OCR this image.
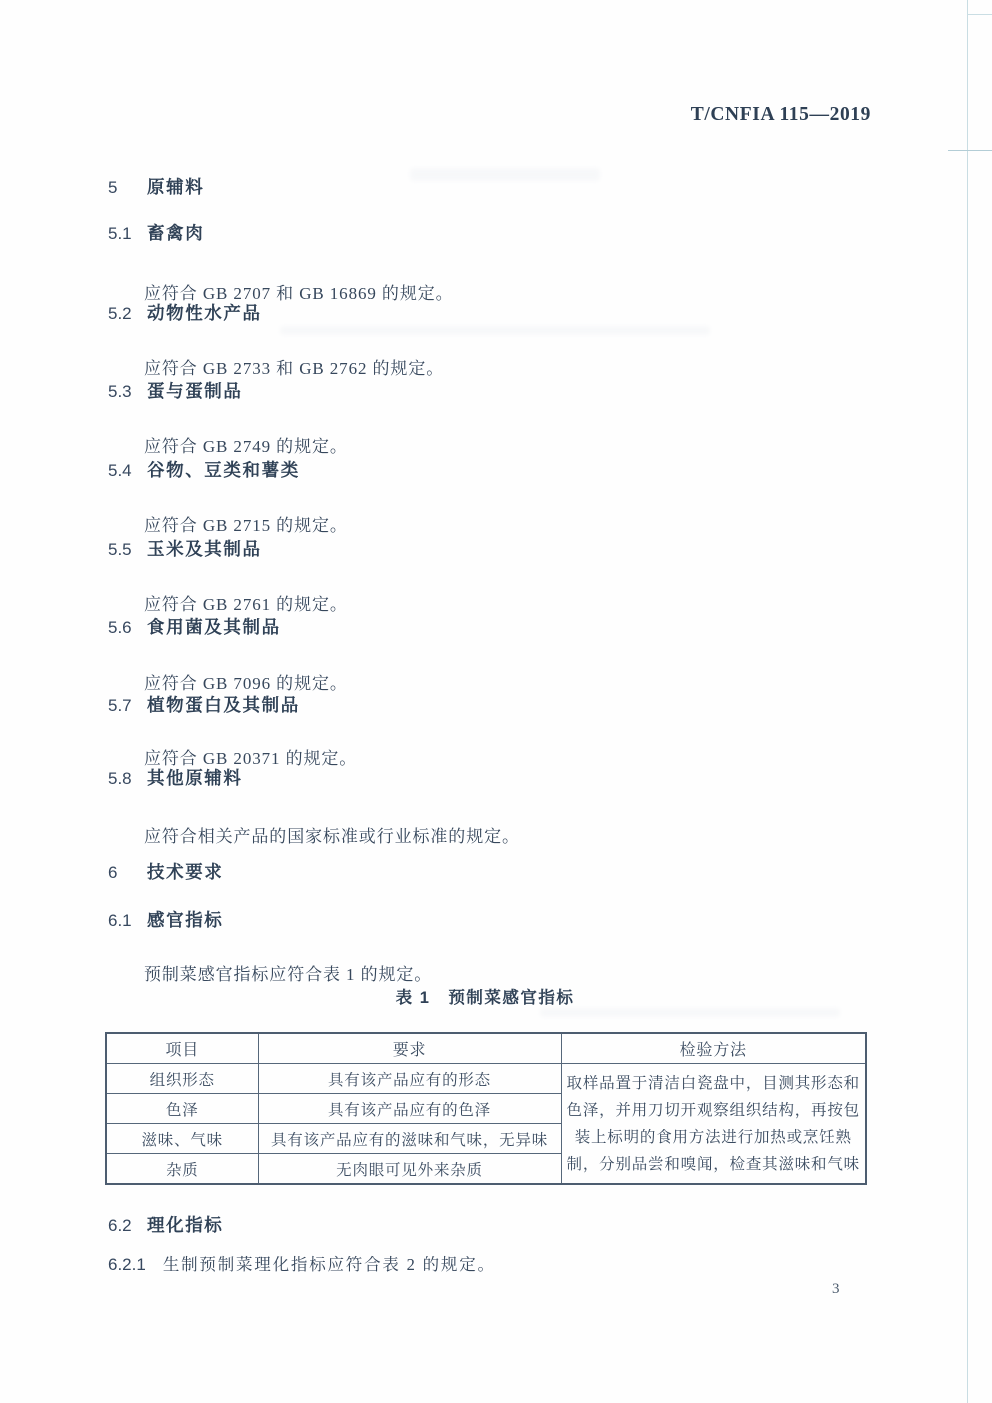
T/CNFIA 115—2019
5 原辅料
5.1 畜禽肉

应符合 GB 2707 和 GB 16869 的规定。

5.2 动物性水产品

应符合 GB 2733 和 GB 2762 的规定。

5.3 蛋与蛋制品

应符合 GB 2749 的规定。

5.4 谷物、豆类和薯类

应符合 GB 2715 的规定。

5.5 玉米及其制品

应符合 GB 2761 的规定。

5.6 食用菌及其制品

应符合 GB 7096 的规定。

5.7 植物蛋白及其制品

应符合 GB 20371 的规定。

5.8 其他原辅料

应符合相关产品的国家标准或行业标准的规定。

6 技术要求
6.1 感官指标

预制菜感官指标应符合表 1 的规定。

表 1　预制菜感官指标
项目	要求	检验方法
组织形态	具有该产品应有的形态	取样品置于清洁白瓷盘中，目测其形态和色泽，并用刀切开观察组织结构，再按包装上标明的食用方法进行加热或烹饪熟制，分别品尝和嗅闻，检查其滋味和气味
色泽	具有该产品应有的色泽	
滋味、气味	具有该产品应有的滋味和气味，无异味	
杂质	无肉眼可见外来杂质	
6.2 理化指标
6.2.1 生制预制菜理化指标应符合表 2 的规定。
3
